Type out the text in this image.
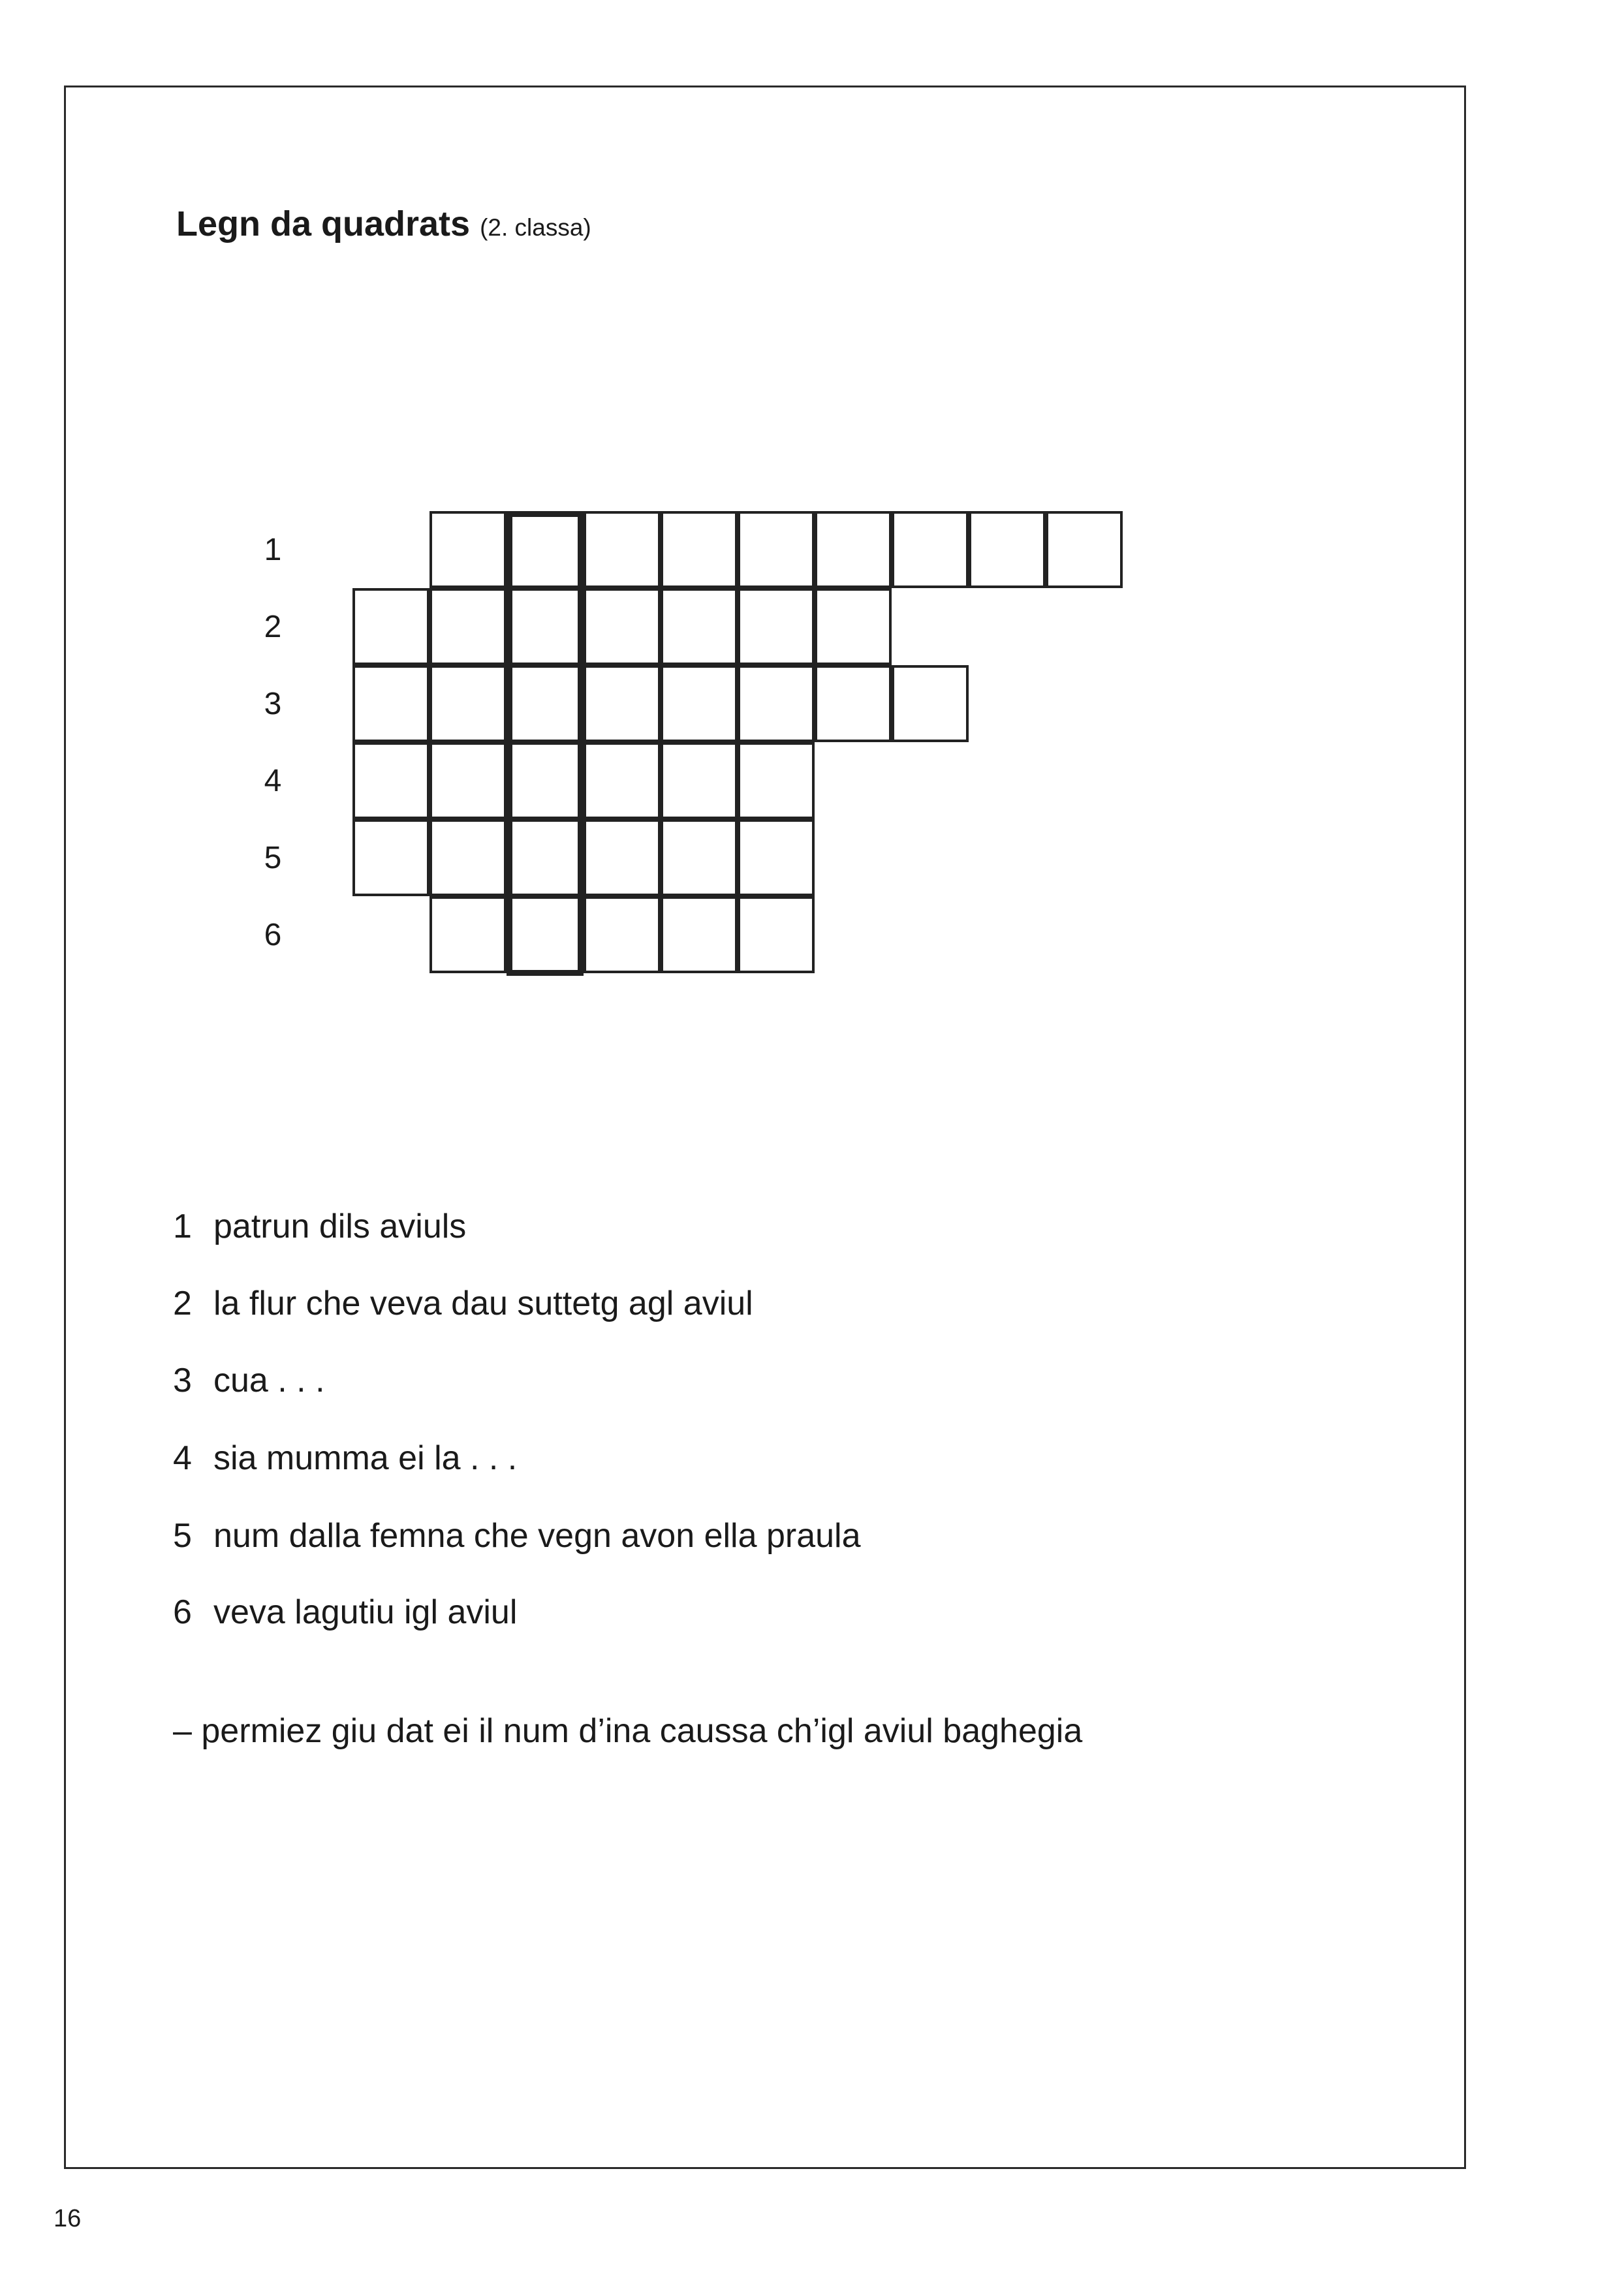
Legn da quadrats (2. classa)
1
2
3
4
5
6
1 patrun dils aviuls
2 la flur che veva dau suttetg agl aviul
3 cua . . .
4 sia mumma ei la . . .
5 num dalla femna che vegn avon ella praula
6 veva lagutiu igl aviul
– permiez giu dat ei il num d’ina caussa ch’igl aviul baghegia
16
